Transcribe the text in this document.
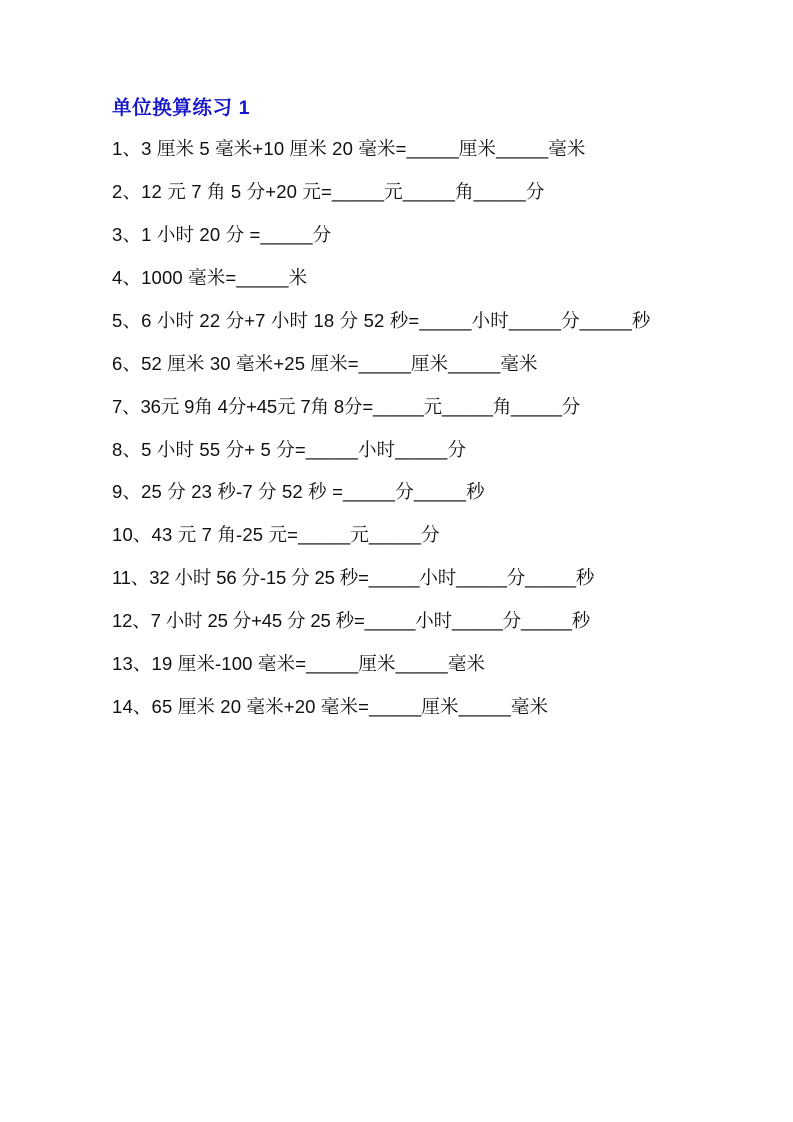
单位换算练习 1
1、3 厘米 5 毫米+10 厘米 20 毫米=_____厘米_____毫米
2、12 元 7 角 5 分+20 元=_____元_____角_____分
3、1 小时 20 分 =_____分
4、1000 毫米=_____米
5、6 小时 22 分+7 小时 18 分 52 秒=_____小时_____分_____秒
6、52 厘米 30 毫米+25 厘米=_____厘米_____毫米
7、36元 9角 4分+45元 7角 8分=_____元_____角_____分
8、5 小时 55 分+ 5 分=_____小时_____分
9、25 分 23 秒-7 分 52 秒 =_____分_____秒
10、43 元 7 角-25 元=_____元_____分
11、32 小时 56 分-15 分 25 秒=_____小时_____分_____秒
12、7 小时 25 分+45 分 25 秒=_____小时_____分_____秒
13、19 厘米-100 毫米=_____厘米_____毫米
14、65 厘米 20 毫米+20 毫米=_____厘米_____毫米
